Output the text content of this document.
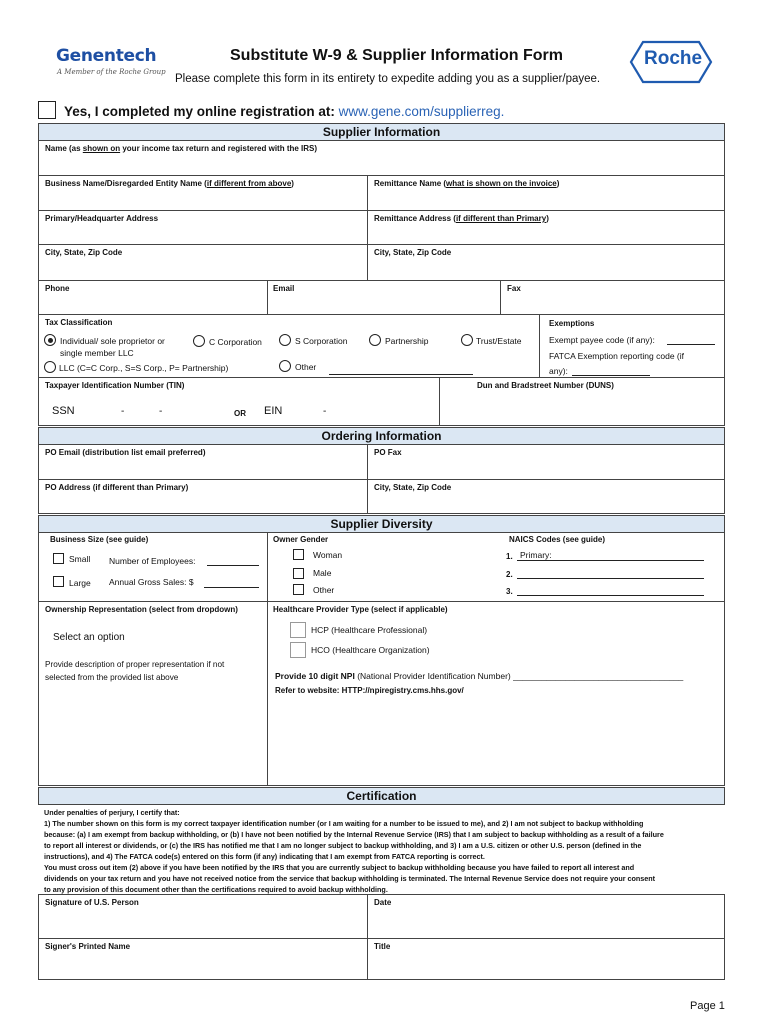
Genentech
A Member of the Roche Group
Roche
Substitute W-9 & Supplier Information Form
Please complete this form in its entirety to expedite adding you as a supplier/payee.
Yes, I completed my online registration at: www.gene.com/supplierreg.
Supplier Information
Name (as shown on your income tax return and registered with the IRS)
Business Name/Disregarded Entity Name (if different from above)	Remittance Name (what is shown on the invoice)
Primary/Headquarter Address	Remittance Address (if different than Primary)
City, State, Zip Code	City, State, Zip Code
Phone	Email	Fax
Tax Classification
Individual/ sole proprietor or
single member LLC
C Corporation	S Corporation	Partnership	Trust/Estate
LLC (C=C Corp., S=S Corp., P= Partnership)	Other
Exemptions
Exempt payee code (if any):
FATCA Exemption reporting code (if
any):
Taxpayer Identification Number (TIN)
SSN	-	-	OR EIN	-
Dun and Bradstreet Number (DUNS)
Ordering Information
PO Email (distribution list email preferred)	PO Fax
PO Address (if different than Primary)	City, State, Zip Code
Supplier Diversity
Business Size (see guide)
Small Number of Employees:
Large Annual Gross Sales: $
Owner Gender
Woman
Male
Other
NAICS Codes (see guide)
1. Primary:
2.
3.
Ownership Representation (select from dropdown)
Select an option
Provide description of proper representation if not
selected from the provided list above
Healthcare Provider Type (select if applicable)
HCP (Healthcare Professional)
HCO (Healthcare Organization)
Provide 10 digit NPI (National Provider Identification Number) ____________________________________
Refer to website: HTTP://npiregistry.cms.hhs.gov/
Certification

Under penalties of perjury, I certify that:

1) The number shown on this form is my correct taxpayer identification number (or I am waiting for a number to be issued to me), and 2) I am not subject to backup withholding

because: (a) I am exempt from backup withholding, or (b) I have not been notified by the Internal Revenue Service (IRS) that I am subject to backup withholding as a result of a failure

to report all interest or dividends, or (c) the IRS has notified me that I am no longer subject to backup withholding, and 3) I am a U.S. citizen or other U.S. person (defined in the

instructions), and 4) The FATCA code(s) entered on this form (if any) indicating that I am exempt from FATCA reporting is correct.

You must cross out item (2) above if you have been notified by the IRS that you are currently subject to backup withholding because you have failed to report all interest and

dividends on your tax return and you have not received notice from the service that backup withholding is terminated. The Internal Revenue Service does not require your consent

to any provision of this document other than the certifications required to avoid backup withholding.

Signature of U.S. Person	Date
Signer's Printed Name	Title
Page 1
